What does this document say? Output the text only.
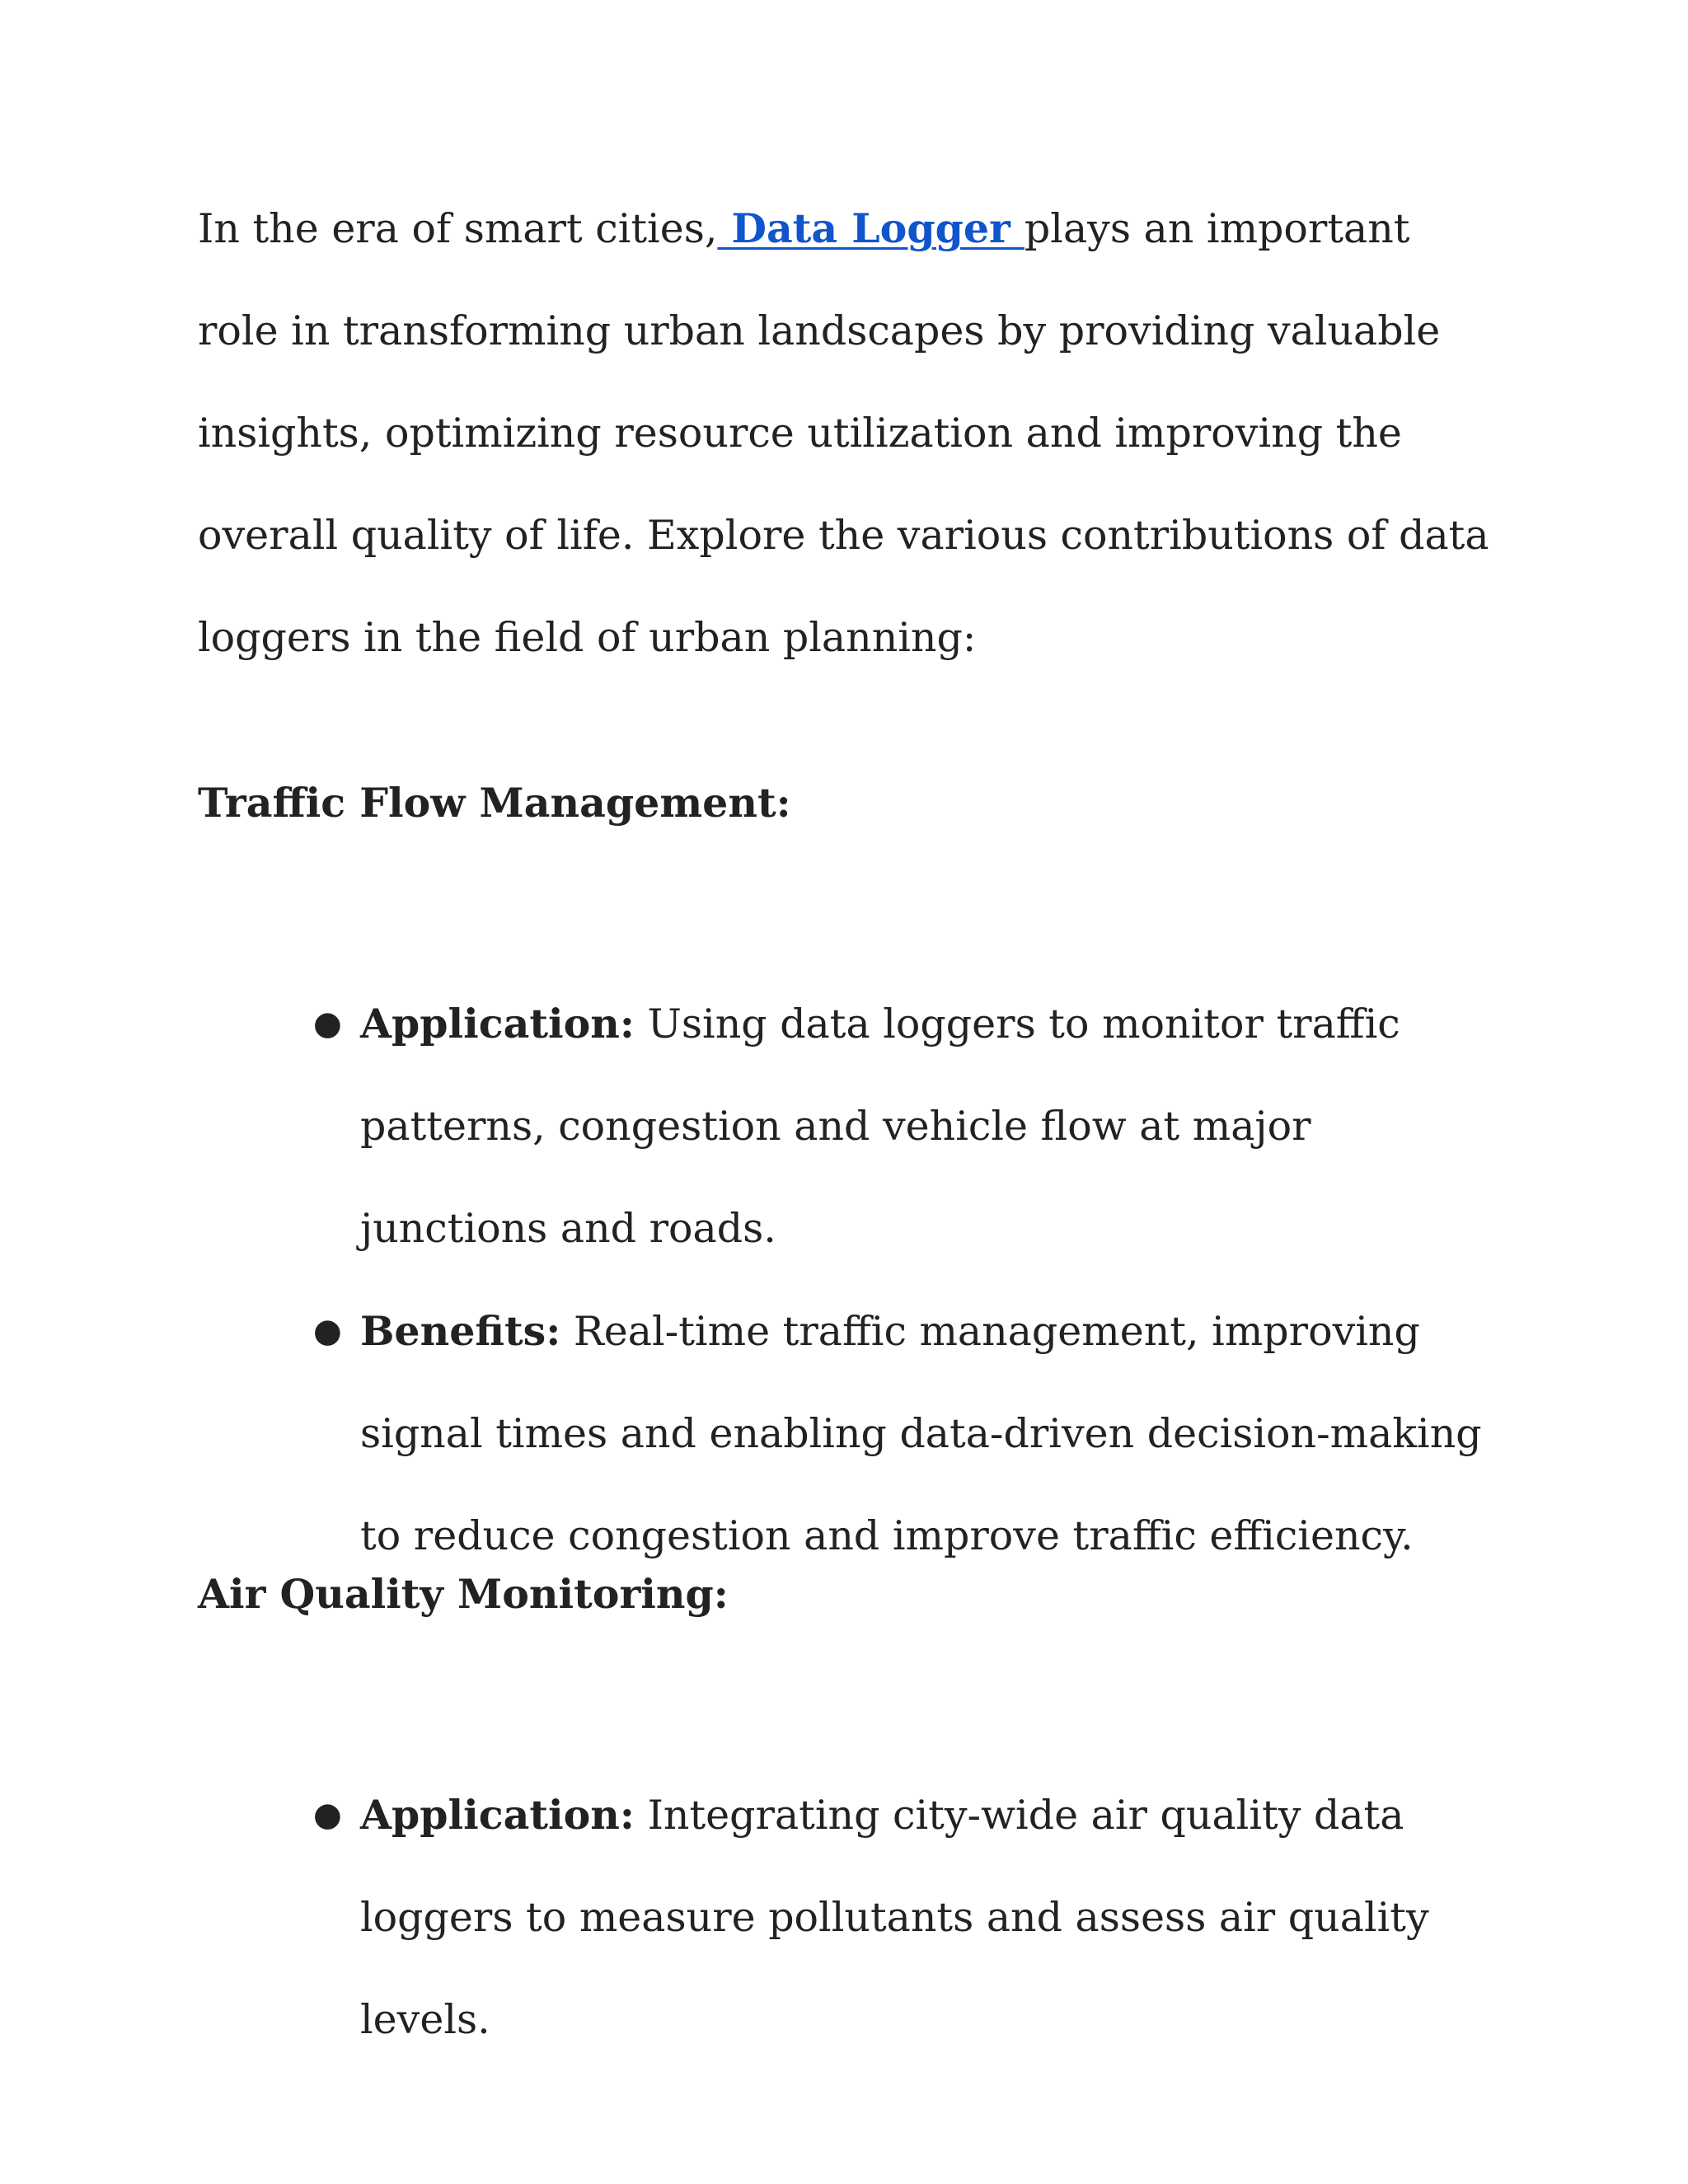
In the era of smart cities, Data Logger plays an important role in transforming urban landscapes by providing valuable insights, optimizing resource utilization and improving the overall quality of life. Explore the various contributions of data loggers in the field of urban planning:

Traffic Flow Management:
● Application: Using data loggers to monitor traffic patterns, congestion and vehicle flow at major junctions and roads.
● Benefits: Real-time traffic management, improving signal times and enabling data-driven decision-making to reduce congestion and improve traffic efficiency.
Air Quality Monitoring:
● Application: Integrating city-wide air quality data loggers to measure pollutants and assess air quality levels.
